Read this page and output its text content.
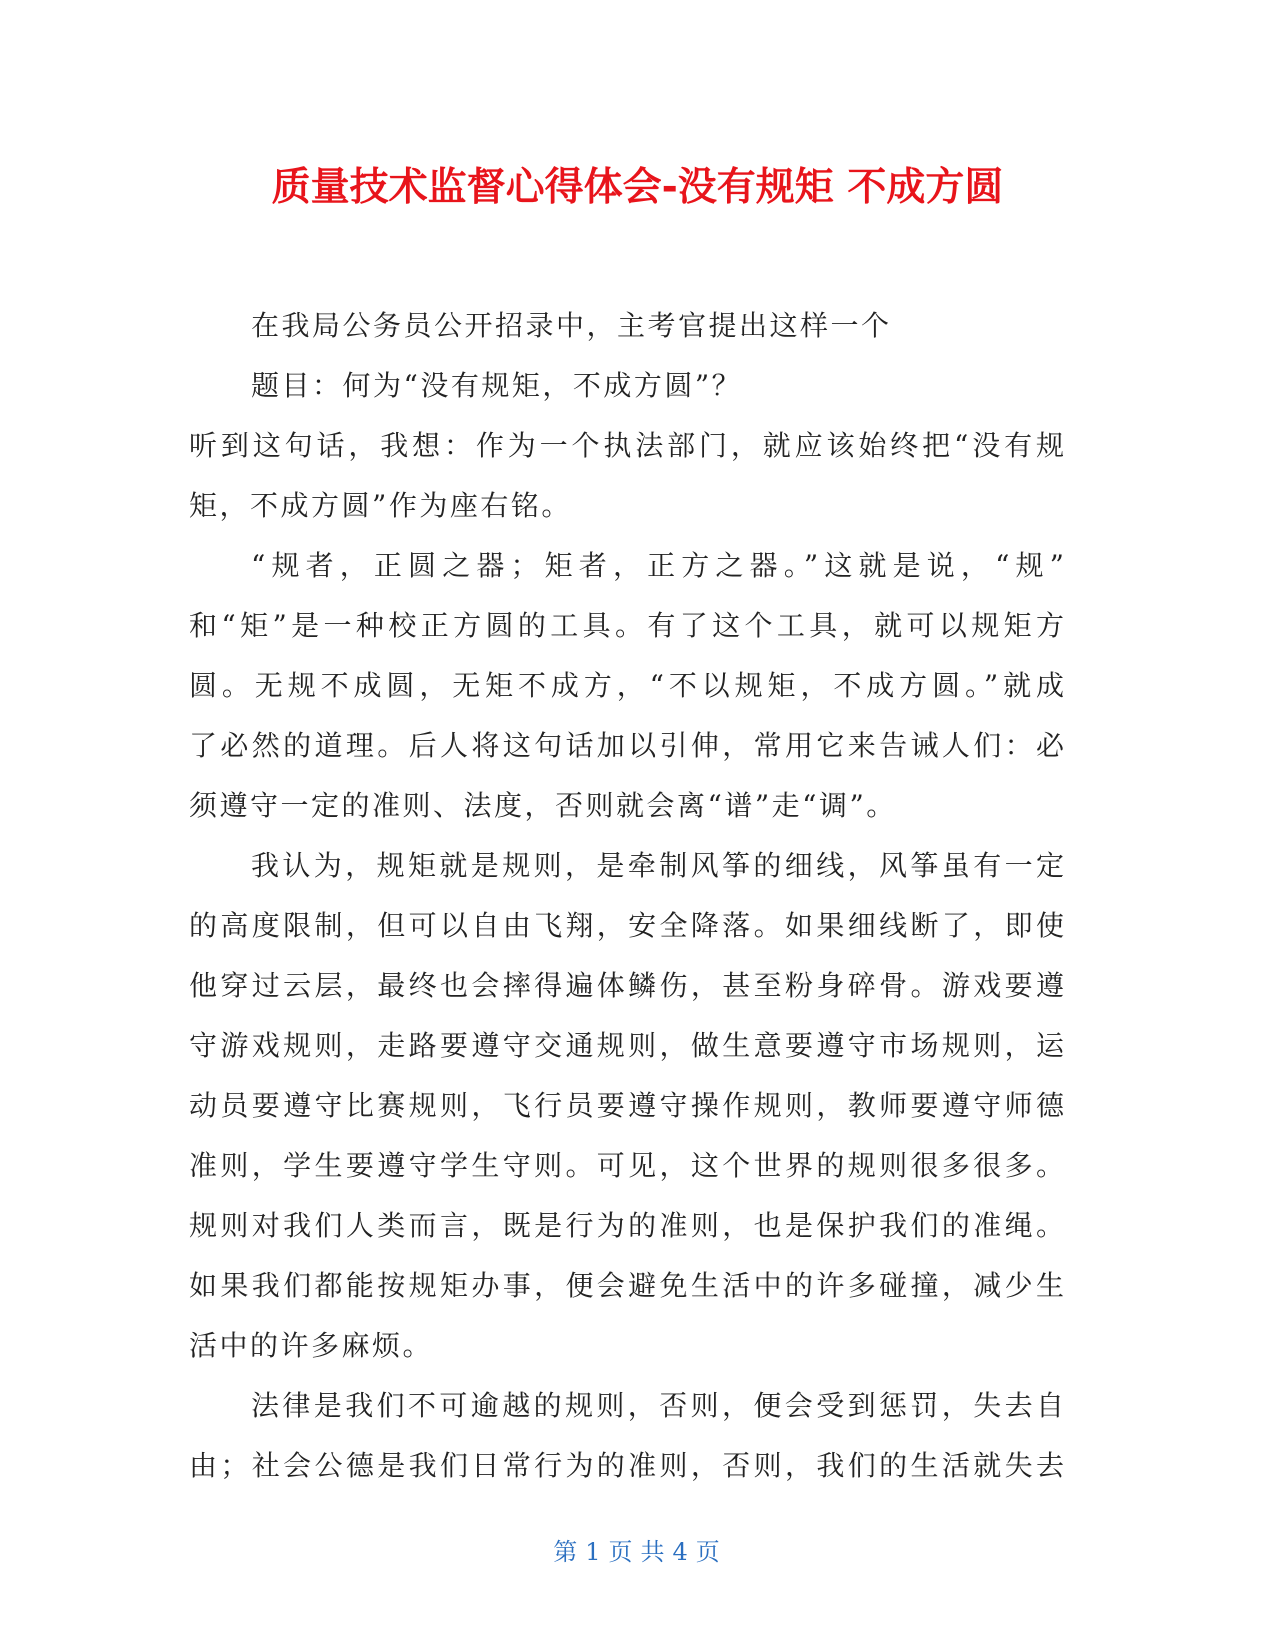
质量技术监督心得体会-没有规矩 不成方圆
在我局公务员公开招录中，主考官提出这样一个
题目：何为“没有规矩，不成方圆”？
听到这句话，我想：作为一个执法部门，就应该始终把“没有规
矩，不成方圆”作为座右铭。
“规者，正圆之器；矩者，正方之器。”这就是说，“规”
和“矩”是一种校正方圆的工具。有了这个工具，就可以规矩方
圆。无规不成圆，无矩不成方，“不以规矩，不成方圆。”就成
了必然的道理。后人将这句话加以引伸，常用它来告诫人们：必
须遵守一定的准则、法度，否则就会离“谱”走“调”。
我认为，规矩就是规则，是牵制风筝的细线，风筝虽有一定
的高度限制，但可以自由飞翔，安全降落。如果细线断了，即使
他穿过云层，最终也会摔得遍体鳞伤，甚至粉身碎骨。游戏要遵
守游戏规则，走路要遵守交通规则，做生意要遵守市场规则，运
动员要遵守比赛规则，飞行员要遵守操作规则，教师要遵守师德
准则，学生要遵守学生守则。可见，这个世界的规则很多很多。
规则对我们人类而言，既是行为的准则，也是保护我们的准绳。
如果我们都能按规矩办事，便会避免生活中的许多碰撞，减少生
活中的许多麻烦。
法律是我们不可逾越的规则，否则，便会受到惩罚，失去自
由；社会公德是我们日常行为的准则，否则，我们的生活就失去
第 1 页 共 4 页
